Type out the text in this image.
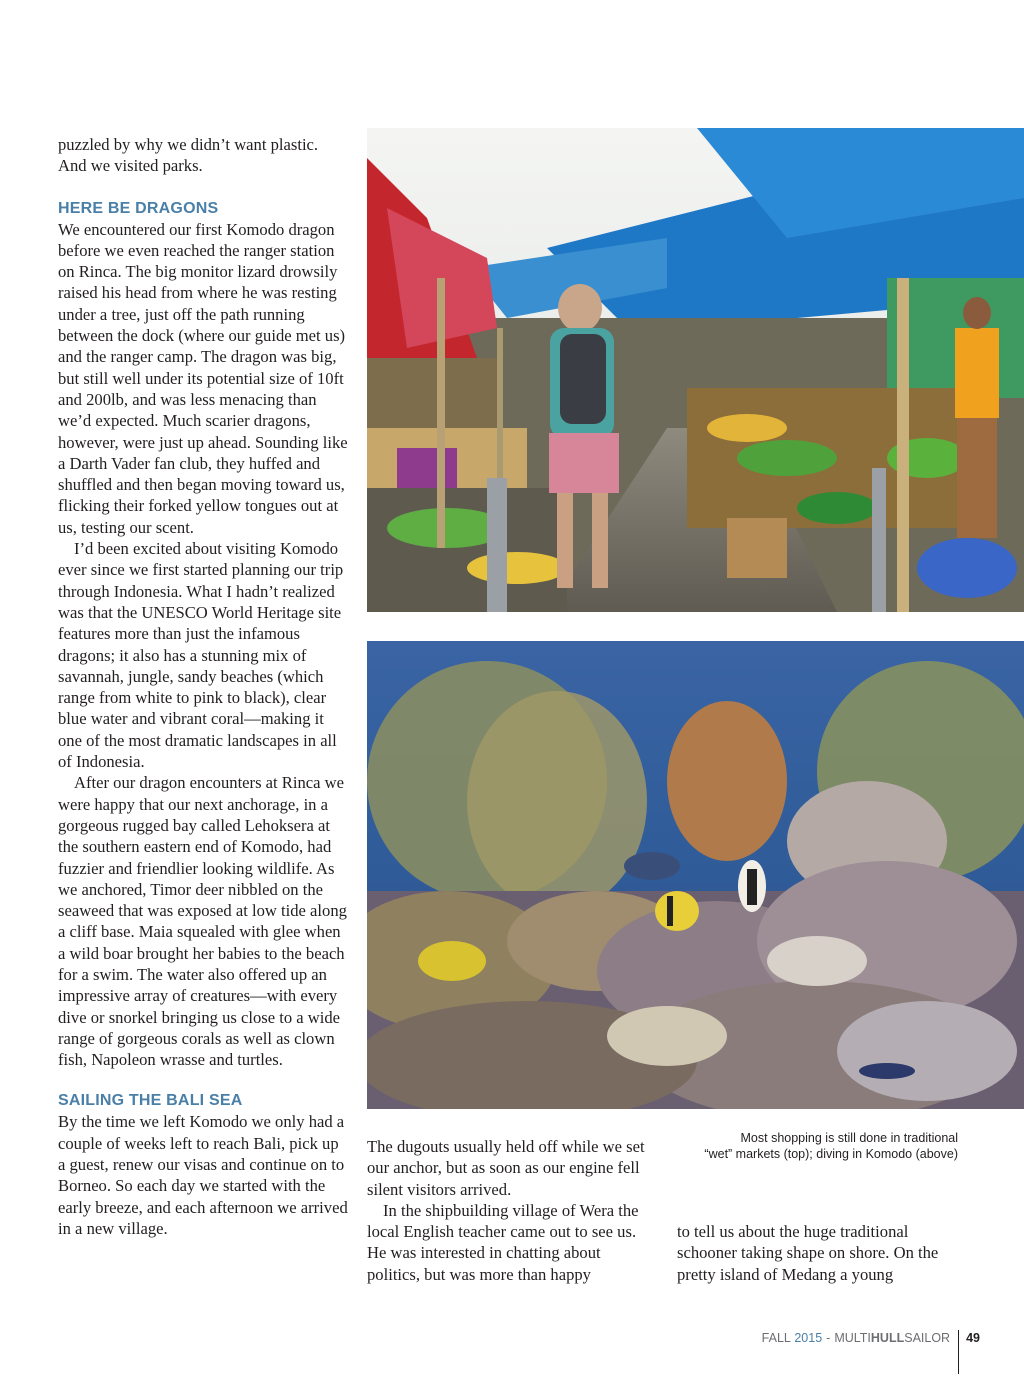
puzzled by why we didn’t want plastic. And we visited parks.

HERE BE DRAGONS

We encountered our first Komodo dragon before we even reached the ranger station on Rinca. The big monitor lizard drowsily raised his head from where he was resting under a tree, just off the path running between the dock (where our guide met us) and the ranger camp. The dragon was big, but still well under its potential size of 10ft and 200lb, and was less menacing than we’d expected. Much scarier dragons, however, were just up ahead. Sounding like a Darth Vader fan club, they huffed and shuffled and then began moving toward us, flicking their forked yellow tongues out at us, testing our scent.

I’d been excited about visiting Komodo ever since we first started planning our trip through Indonesia. What I hadn’t realized was that the UNESCO World Heritage site features more than just the infamous dragons; it also has a stunning mix of savannah, jungle, sandy beaches (which range from white to pink to black), clear blue water and vibrant coral—making it one of the most dramatic landscapes in all of Indonesia.

After our dragon encounters at Rinca we were happy that our next anchorage, in a gorgeous rugged bay called Lehoksera at the southern eastern end of Komodo, had fuzzier and friendlier looking wildlife. As we anchored, Timor deer nibbled on the seaweed that was exposed at low tide along a cliff base. Maia squealed with glee when a wild boar brought her babies to the beach for a swim. The water also offered up an impressive array of creatures—with every dive or snorkel bringing us close to a wide range of gorgeous corals as well as clown fish, Napoleon wrasse and turtles.

SAILING THE BALI SEA

By the time we left Komodo we only had a couple of weeks left to reach Bali, pick up a guest, renew our visas and continue on to Borneo. So each day we started with the early breeze, and each afternoon we arrived in a new village.

Most shopping is still done in traditional
“wet” markets (top); diving in Komodo (above)

The dugouts usually held off while we set our anchor, but as soon as our engine fell silent visitors arrived.

In the shipbuilding village of Wera the local English teacher came out to see us. He was interested in chatting about politics, but was more than happy

to tell us about the huge traditional schooner taking shape on shore. On the pretty island of Medang a young

FALL
2015 - MULTI HULL SAILOR 49
